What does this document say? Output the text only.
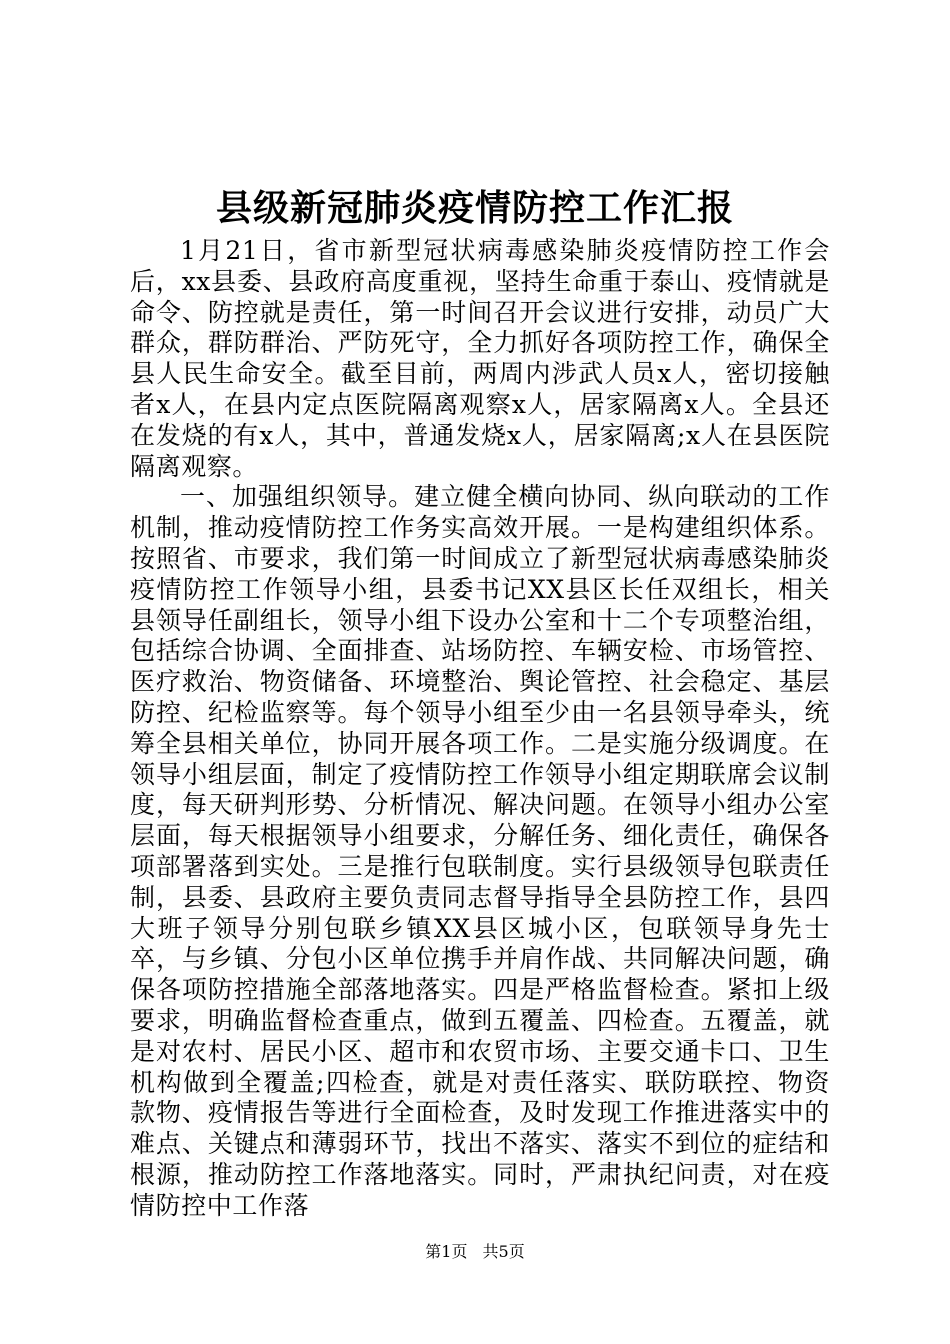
县级新冠肺炎疫情防控工作汇报

1月21日，省市新型冠状病毒感染肺炎疫情防控工作会后，xx县委、县政府高度重视，坚持生命重于泰山、疫情就是命令、防控就是责任，第一时间召开会议进行安排，动员广大群众，群防群治、严防死守，全力抓好各项防控工作，确保全县人民生命安全。截至目前，两周内涉武人员x人，密切接触者x人，在县内定点医院隔离观察x人，居家隔离x人。全县还在发烧的有x人，其中，普通发烧x人，居家隔离;x人在县医院隔离观察。

一、加强组织领导。建立健全横向协同、纵向联动的工作机制，推动疫情防控工作务实高效开展。一是构建组织体系。按照省、市要求，我们第一时间成立了新型冠状病毒感染肺炎疫情防控工作领导小组，县委书记XX县区长任双组长，相关县领导任副组长，领导小组下设办公室和十二个专项整治组，包括综合协调、全面排查、站场防控、车辆安检、市场管控、医疗救治、物资储备、环境整治、舆论管控、社会稳定、基层防控、纪检监察等。每个领导小组至少由一名县领导牵头，统筹全县相关单位，协同开展各项工作。二是实施分级调度。在领导小组层面，制定了疫情防控工作领导小组定期联席会议制度，每天研判形势、分析情况、解决问题。在领导小组办公室层面，每天根据领导小组要求，分解任务、细化责任，确保各项部署落到实处。三是推行包联制度。实行县级领导包联责任制，县委、县政府主要负责同志督导指导全县防控工作，县四大班子领导分别包联乡镇XX县区城小区，包联领导身先士卒，与乡镇、分包小区单位携手并肩作战、共同解决问题，确保各项防控措施全部落地落实。四是严格监督检查。紧扣上级要求，明确监督检查重点，做到五覆盖、四检查。五覆盖，就是对农村、居民小区、超市和农贸市场、主要交通卡口、卫生机构做到全覆盖;四检查，就是对责任落实、联防联控、物资款物、疫情报告等进行全面检查，及时发现工作推进落实中的难点、关键点和薄弱环节，找出不落实、落实不到位的症结和根源，推动防控工作落地落实。同时，严肃执纪问责，对在疫情防控中工作落

第1页 共5页
